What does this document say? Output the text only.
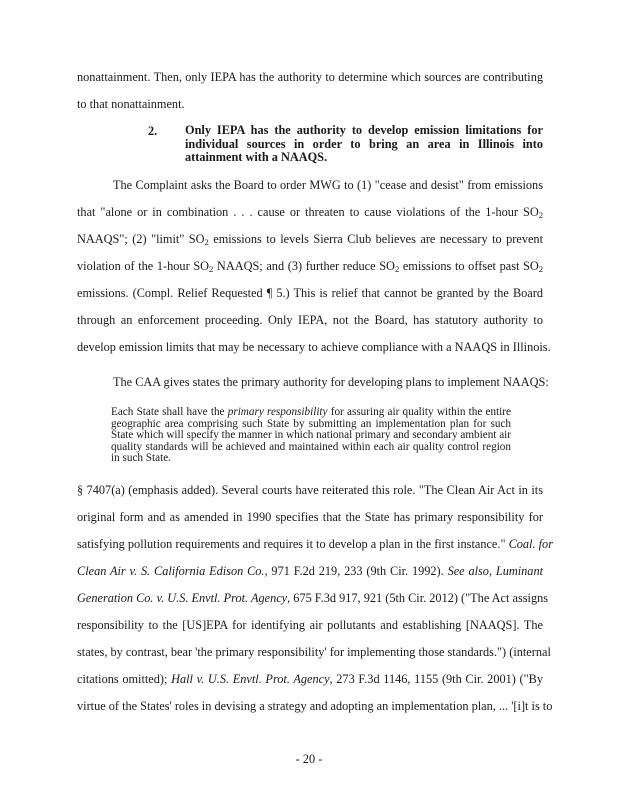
nonattainment. Then, only IEPA has the authority to determine which sources are contributing
to that nonattainment.
2. Only IEPA has the authority to develop emission limitations for individual sources in order to bring an area in Illinois into attainment with a NAAQS.
The Complaint asks the Board to order MWG to (1) "cease and desist" from emissions
that "alone or in combination . . . cause or threaten to cause violations of the 1-hour $SO_2$
NAAQS"; (2) "limit" $SO_2$ emissions to levels Sierra Club believes are necessary to prevent
violation of the 1-hour $SO_2$ NAAQS; and (3) further reduce $SO_2$ emissions to offset past $SO_2$
emissions. (Compl. Relief Requested ¶ 5.) This is relief that cannot be granted by the Board
through an enforcement proceeding. Only IEPA, not the Board, has statutory authority to
develop emission limits that may be necessary to achieve compliance with a NAAQS in Illinois.
The CAA gives states the primary authority for developing plans to implement NAAQS:
Each State shall have the primary responsibility for assuring air quality within the entire geographic area comprising such State by submitting an implementation plan for such State which will specify the manner in which national primary and secondary ambient air quality standards will be achieved and maintained within each air quality control region in such State.
§ 7407(a) (emphasis added). Several courts have reiterated this role. "The Clean Air Act in its
original form and as amended in 1990 specifies that the State has primary responsibility for
satisfying pollution requirements and requires it to develop a plan in the first instance." Coal. for
Clean Air v. S. California Edison Co., 971 F.2d 219, 233 (9th Cir. 1992). See also, Luminant
Generation Co. v. U.S. Envtl. Prot. Agency, 675 F.3d 917, 921 (5th Cir. 2012) ("The Act assigns
responsibility to the [US]EPA for identifying air pollutants and establishing [NAAQS]. The
states, by contrast, bear 'the primary responsibility' for implementing those standards.") (internal
citations omitted); Hall v. U.S. Envtl. Prot. Agency, 273 F.3d 1146, 1155 (9th Cir. 2001) ("By
virtue of the States' roles in devising a strategy and adopting an implementation plan, ... '[i]t is to
- 20 -
